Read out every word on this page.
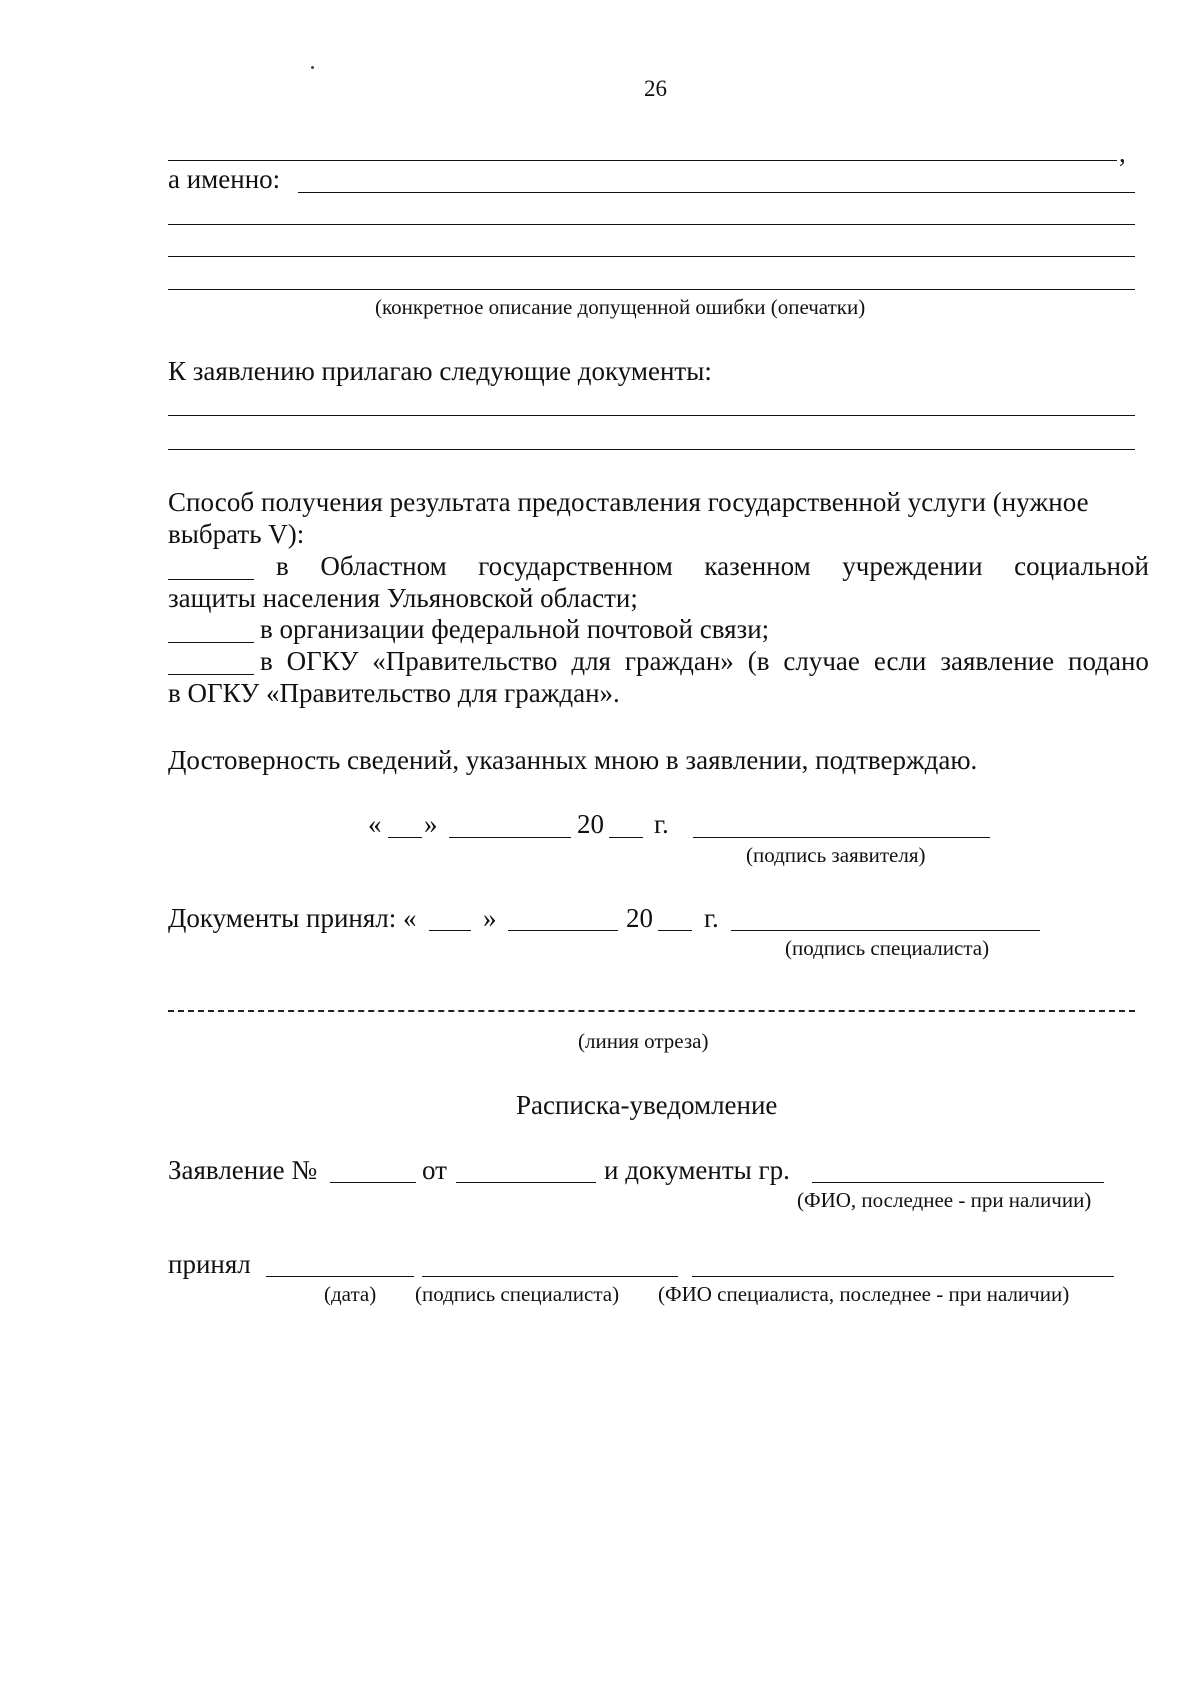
26
,
а именно:
(конкретное описание допущенной ошибки (опечатки)
К заявлению прилагаю следующие документы:
Способ получения результата предоставления государственной услуги (нужное
выбрать V):
в Областном государственном казенном учреждении социальной
защиты населения Ульяновской области;
в организации федеральной почтовой связи;
в ОГКУ «Правительство для граждан» (в случае если заявление подано
в ОГКУ «Правительство для граждан».
Достоверность сведений, указанных мною в заявлении, подтверждаю.
« »	20 г.
(подпись заявителя)
Документы принял: « »	20 г.
(подпись специалиста)
(линия отреза)
Расписка-уведомление
Заявление №	от	и документы гр.
(ФИО, последнее - при наличии)
принял
(дата) (подпись специалиста) (ФИО специалиста, последнее - при наличии)
